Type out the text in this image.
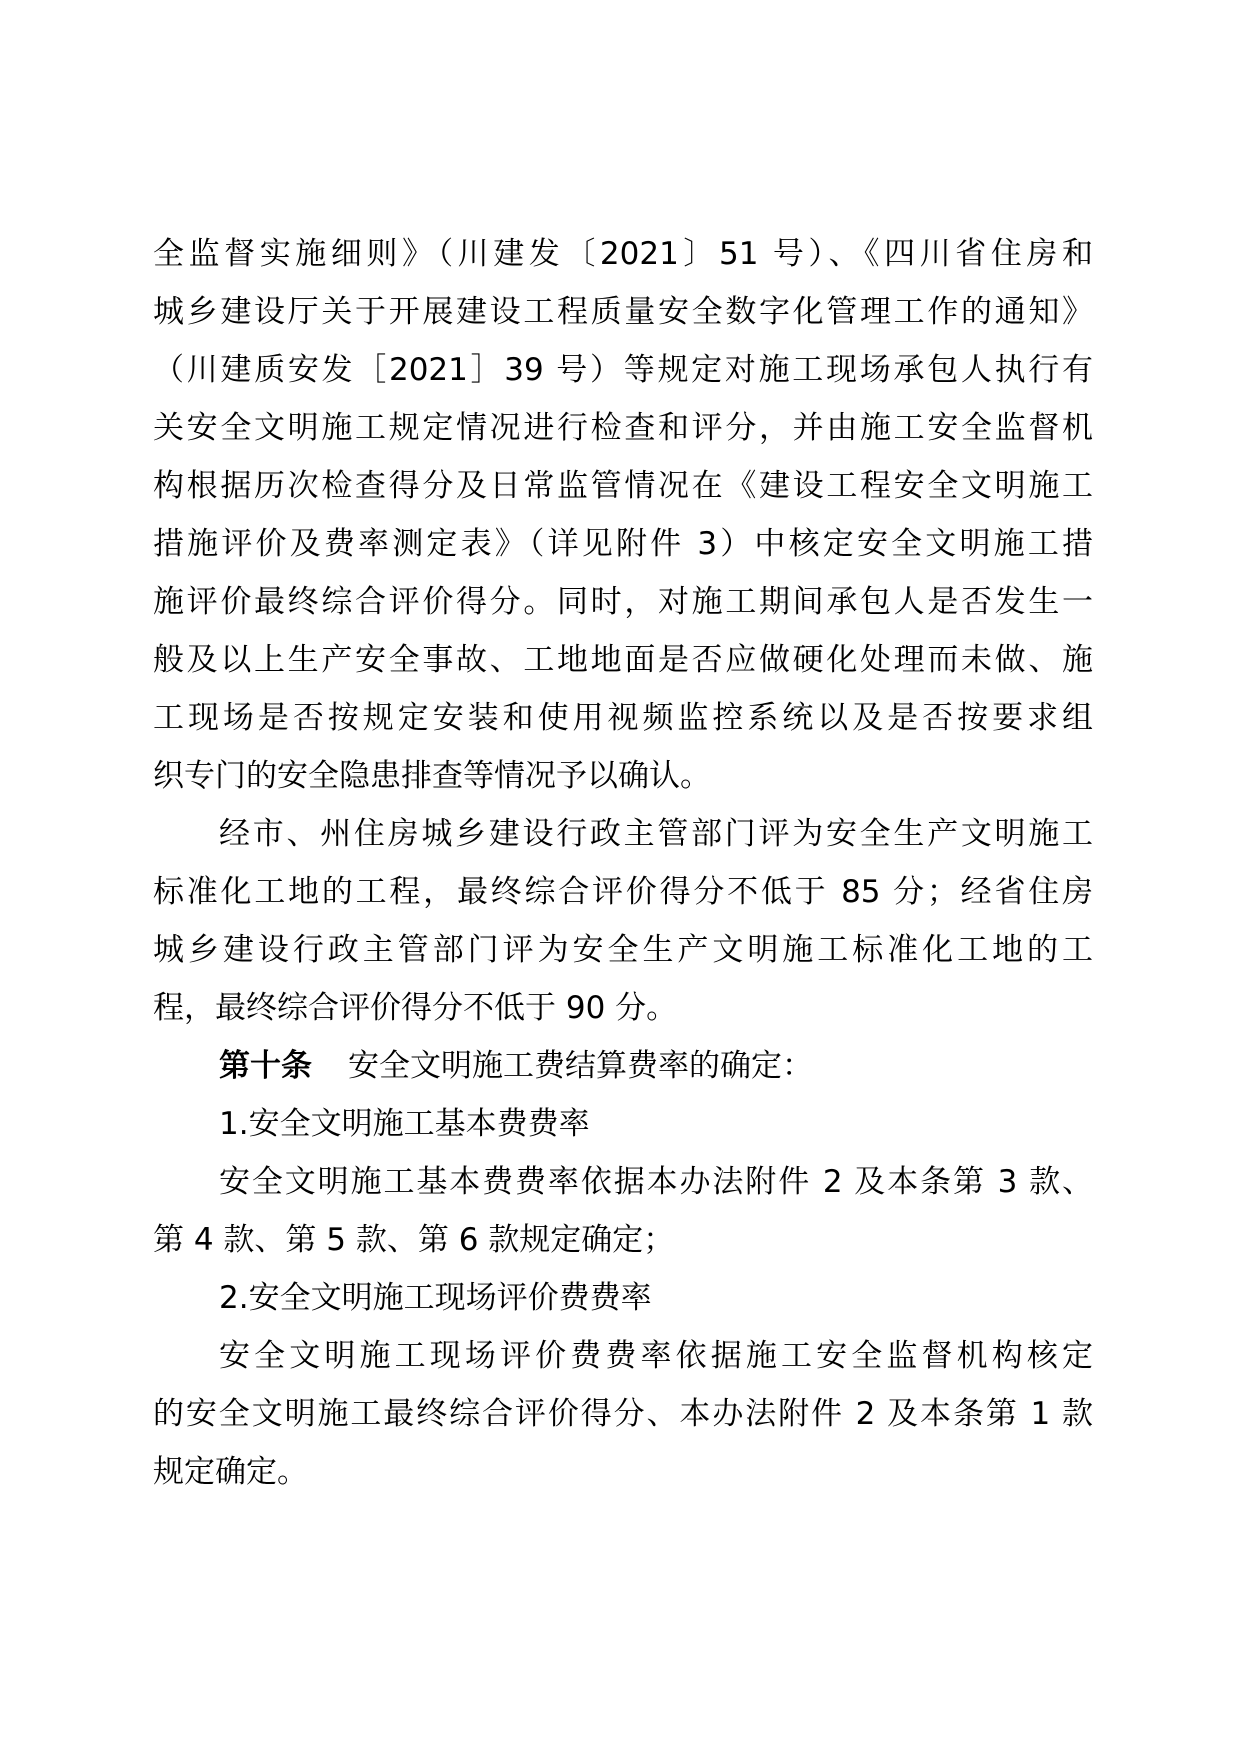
全监督实施细则》（川建发〔2021〕51 号）、《四川省住房和
城乡建设厅关于开展建设工程质量安全数字化管理工作的通知》
（川建质安发［2021］39 号）等规定对施工现场承包人执行有
关安全文明施工规定情况进行检查和评分，并由施工安全监督机
构根据历次检查得分及日常监管情况在《建设工程安全文明施工
措施评价及费率测定表》（详见附件 3）中核定安全文明施工措
施评价最终综合评价得分。同时，对施工期间承包人是否发生一
般及以上生产安全事故、工地地面是否应做硬化处理而未做、施
工现场是否按规定安装和使用视频监控系统以及是否按要求组
织专门的安全隐患排查等情况予以确认。
经市、州住房城乡建设行政主管部门评为安全生产文明施工
标准化工地的工程，最终综合评价得分不低于 85 分；经省住房
城乡建设行政主管部门评为安全生产文明施工标准化工地的工
程，最终综合评价得分不低于 90 分。
第十条 安全文明施工费结算费率的确定：
1.安全文明施工基本费费率
安全文明施工基本费费率依据本办法附件 2 及本条第 3 款、
第 4 款、第 5 款、第 6 款规定确定；
2.安全文明施工现场评价费费率
安全文明施工现场评价费费率依据施工安全监督机构核定
的安全文明施工最终综合评价得分、本办法附件 2 及本条第 1 款
规定确定。
